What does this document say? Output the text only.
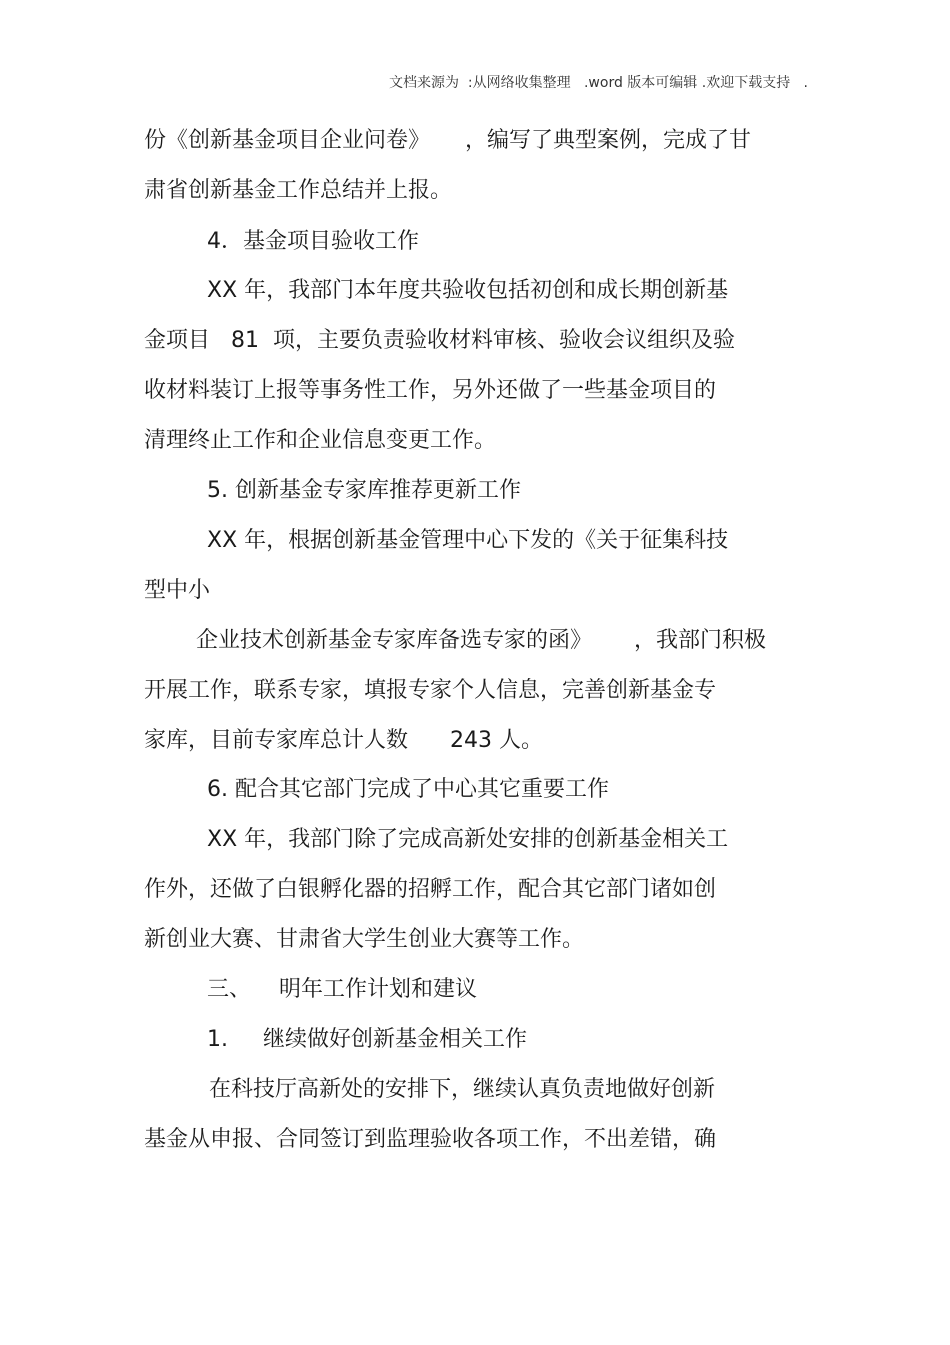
文档来源为  :从网络收集整理   .word 版本可编辑 .欢迎下载支持   .
份《创新基金项目企业问卷》     ，编写了典型案例，完成了甘
肃省创新基金工作总结并上报。
4．基金项目验收工作
XX 年，我部门本年度共验收包括初创和成长期创新基
金项目   81  项，主要负责验收材料审核、验收会议组织及验
收材料装订上报等事务性工作，另外还做了一些基金项目的
清理终止工作和企业信息变更工作。
5. 创新基金专家库推荐更新工作
XX 年，根据创新基金管理中心下发的《关于征集科技
型中小
企业技术创新基金专家库备选专家的函》      ，我部门积极
开展工作，联系专家，填报专家个人信息，完善创新基金专
家库，目前专家库总计人数      243 人。
6. 配合其它部门完成了中心其它重要工作
XX 年，我部门除了完成高新处安排的创新基金相关工
作外，还做了白银孵化器的招孵工作，配合其它部门诸如创
新创业大赛、甘肃省大学生创业大赛等工作。
三、    明年工作计划和建议
1.     继续做好创新基金相关工作
在科技厅高新处的安排下，继续认真负责地做好创新
基金从申报、合同签订到监理验收各项工作，不出差错，确
